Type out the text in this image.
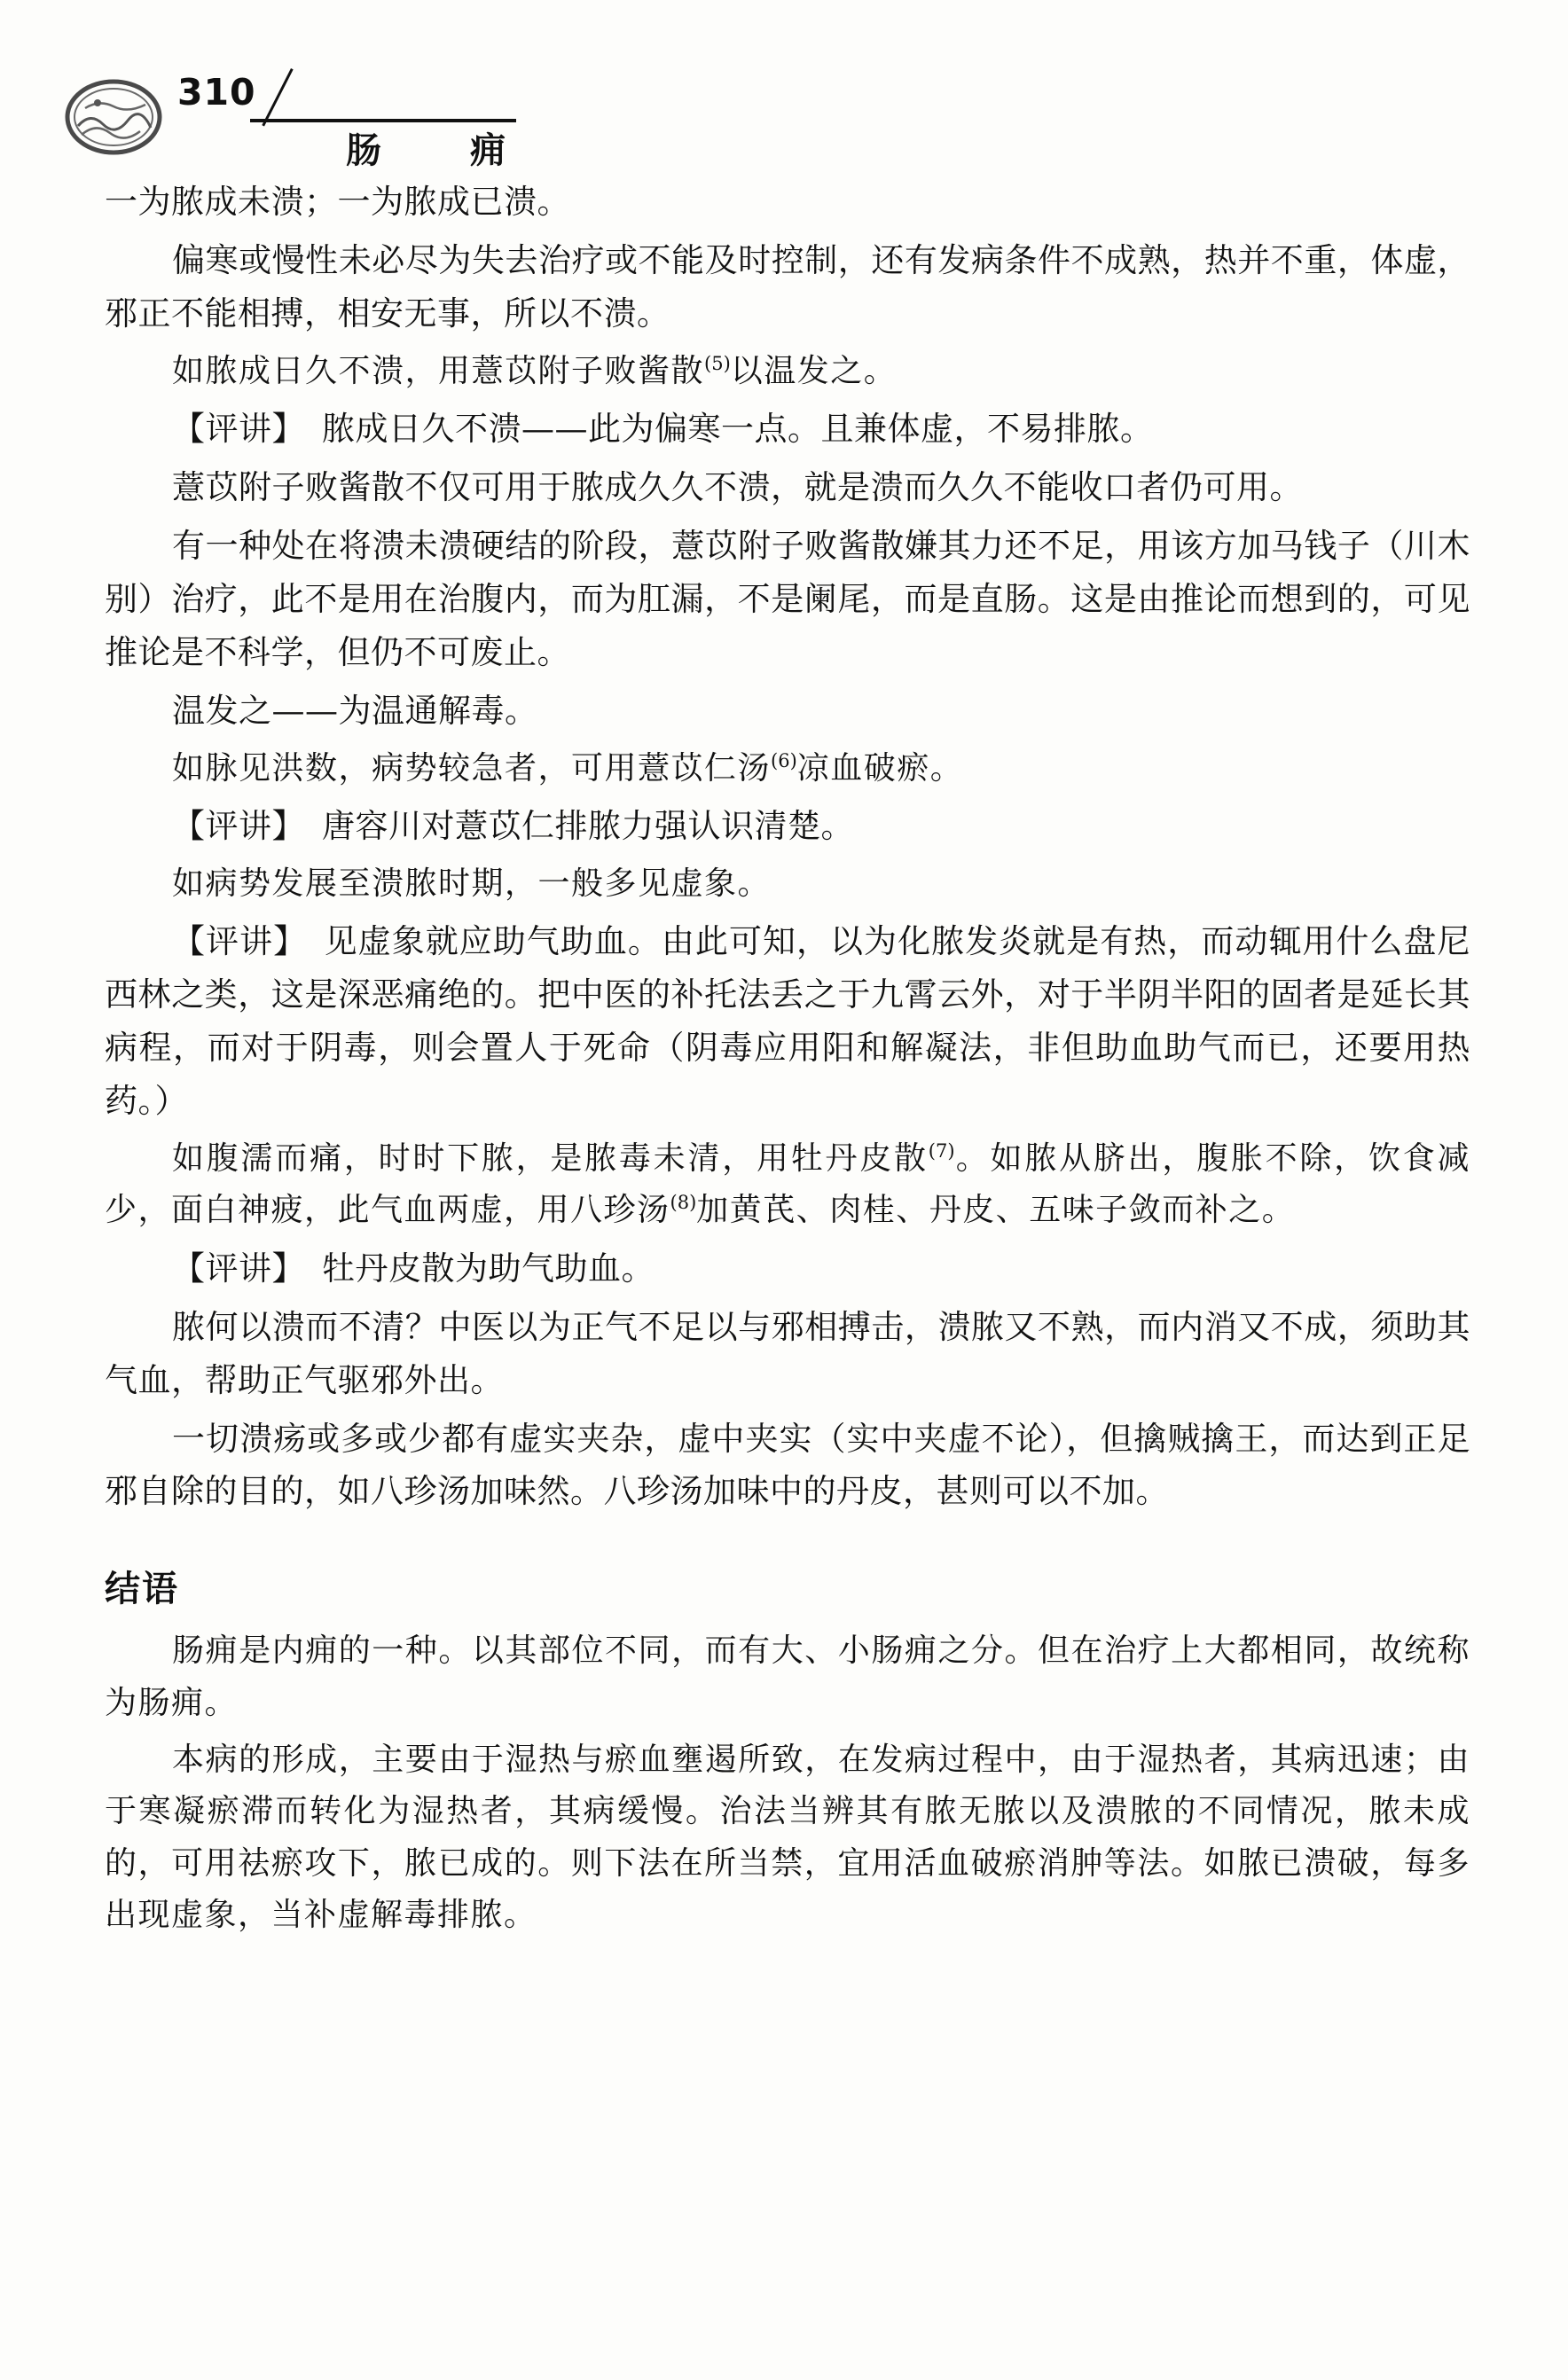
310
肠　痈

一为脓成未溃；一为脓成已溃。

偏寒或慢性未必尽为失去治疗或不能及时控制，还有发病条件不成熟，热并不重，体虚，邪正不能相搏，相安无事，所以不溃。

如脓成日久不溃，用薏苡附子败酱散$^{(5)}$以温发之。

【评讲】　脓成日久不溃——此为偏寒一点。且兼体虚，不易排脓。

薏苡附子败酱散不仅可用于脓成久久不溃，就是溃而久久不能收口者仍可用。

有一种处在将溃未溃硬结的阶段，薏苡附子败酱散嫌其力还不足，用该方加马钱子（川木别）治疗，此不是用在治腹内，而为肛漏，不是阑尾，而是直肠。这是由推论而想到的，可见推论是不科学，但仍不可废止。

温发之——为温通解毒。

如脉见洪数，病势较急者，可用薏苡仁汤$^{(6)}$凉血破瘀。

【评讲】　唐容川对薏苡仁排脓力强认识清楚。

如病势发展至溃脓时期，一般多见虚象。

【评讲】　见虚象就应助气助血。由此可知，以为化脓发炎就是有热，而动辄用什么盘尼西林之类，这是深恶痛绝的。把中医的补托法丢之于九霄云外，对于半阴半阳的固者是延长其病程，而对于阴毒，则会置人于死命（阴毒应用阳和解凝法，非但助血助气而已，还要用热药。）

如腹濡而痛，时时下脓，是脓毒未清，用牡丹皮散$^{(7)}$。如脓从脐出，腹胀不除，饮食减少，面白神疲，此气血两虚，用八珍汤$^{(8)}$加黄芪、肉桂、丹皮、五味子敛而补之。

【评讲】　牡丹皮散为助气助血。

脓何以溃而不清？中医以为正气不足以与邪相搏击，溃脓又不熟，而内消又不成，须助其气血，帮助正气驱邪外出。

一切溃疡或多或少都有虚实夹杂，虚中夹实（实中夹虚不论），但擒贼擒王，而达到正足邪自除的目的，如八珍汤加味然。八珍汤加味中的丹皮，甚则可以不加。

结语

肠痈是内痈的一种。以其部位不同，而有大、小肠痈之分。但在治疗上大都相同，故统称为肠痈。

本病的形成，主要由于湿热与瘀血壅遏所致，在发病过程中，由于湿热者，其病迅速；由于寒凝瘀滞而转化为湿热者，其病缓慢。治法当辨其有脓无脓以及溃脓的不同情况，脓未成的，可用祛瘀攻下，脓已成的。则下法在所当禁，宜用活血破瘀消肿等法。如脓已溃破，每多出现虚象，当补虚解毒排脓。
